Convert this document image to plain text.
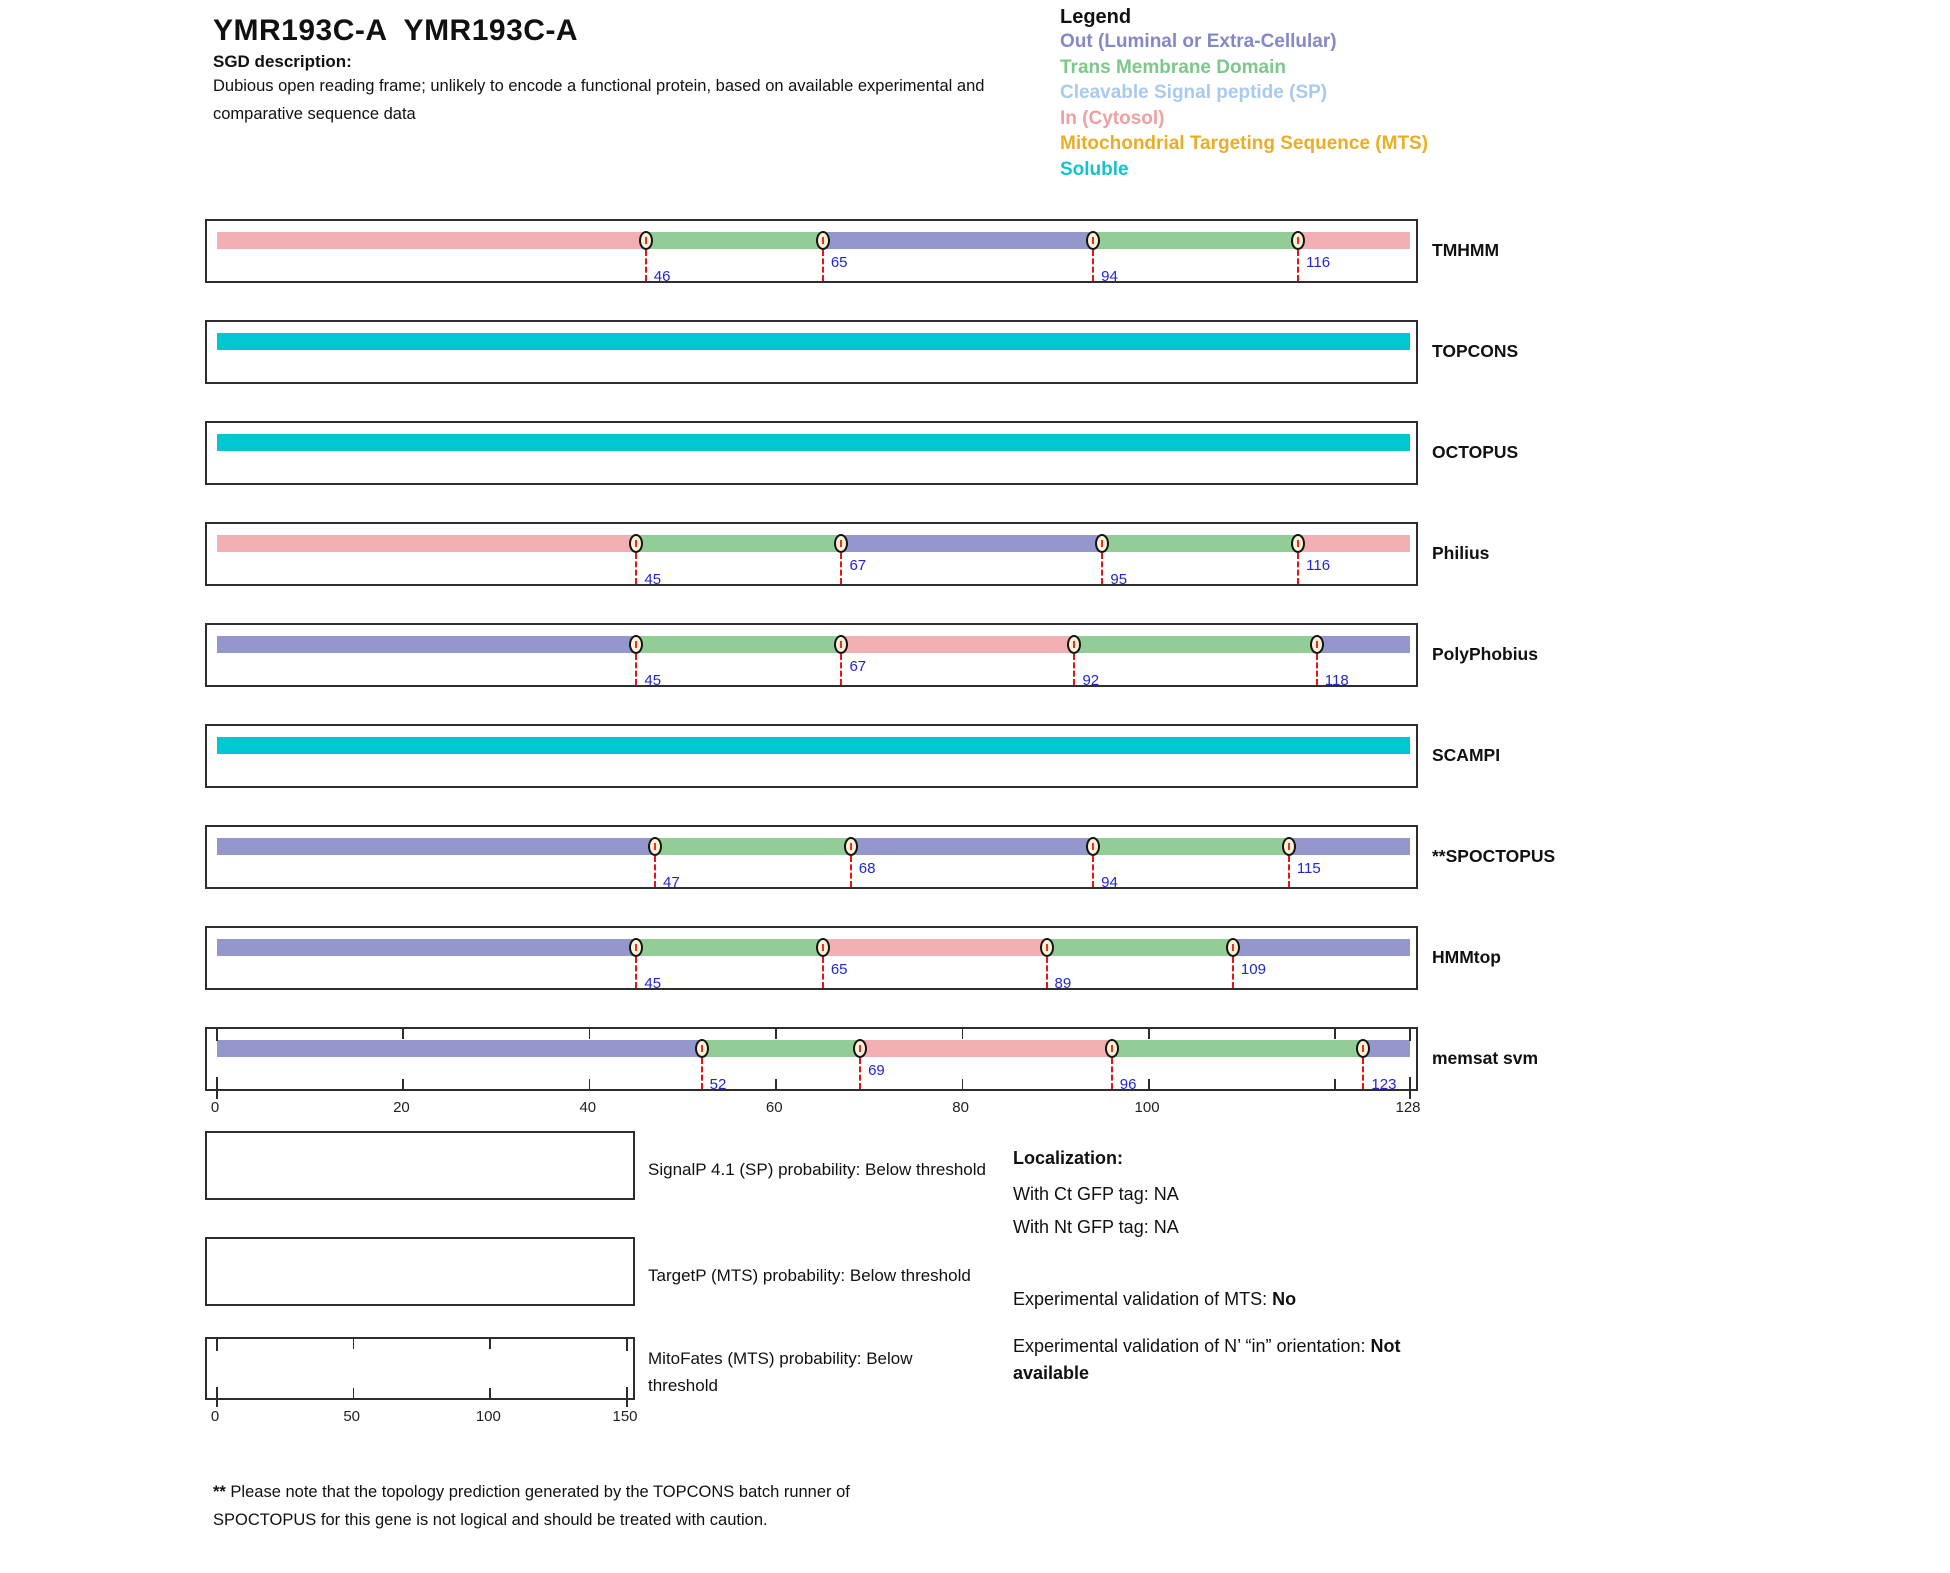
YMR193C-A  YMR193C-A
SGD description:
Dubious open reading frame; unlikely to encode a functional protein, based on available experimental and comparative sequence data
Legend
Out (Luminal or Extra-Cellular)
Trans Membrane Domain
Cleavable Signal peptide (SP)
In (Cytosol)
Mitochondrial Targeting Sequence (MTS)
Soluble
46
65
94
116
TMHMM
TOPCONS
OCTOPUS
45
67
95
116
Philius
45
67
92	118
PolyPhobius
SCAMPI
47
68
94
115
**SPOCTOPUS
45
65
89
109
HMMtop
52
69
96	123
memsat svm
0	20	40	60	80	100	128
SignalP 4.1 (SP) probability: Below threshold
TargetP (MTS) probability: Below threshold
MitoFates (MTS) probability: Below threshold
0	50	100	150
Localization:
With Ct GFP tag: NA
With Nt GFP tag: NA
Experimental validation of MTS: No
Experimental validation of N’ “in” orientation: Not available
** Please note that the topology prediction generated by the TOPCONS batch runner of SPOCTOPUS for this gene is not logical and should be treated with caution.
